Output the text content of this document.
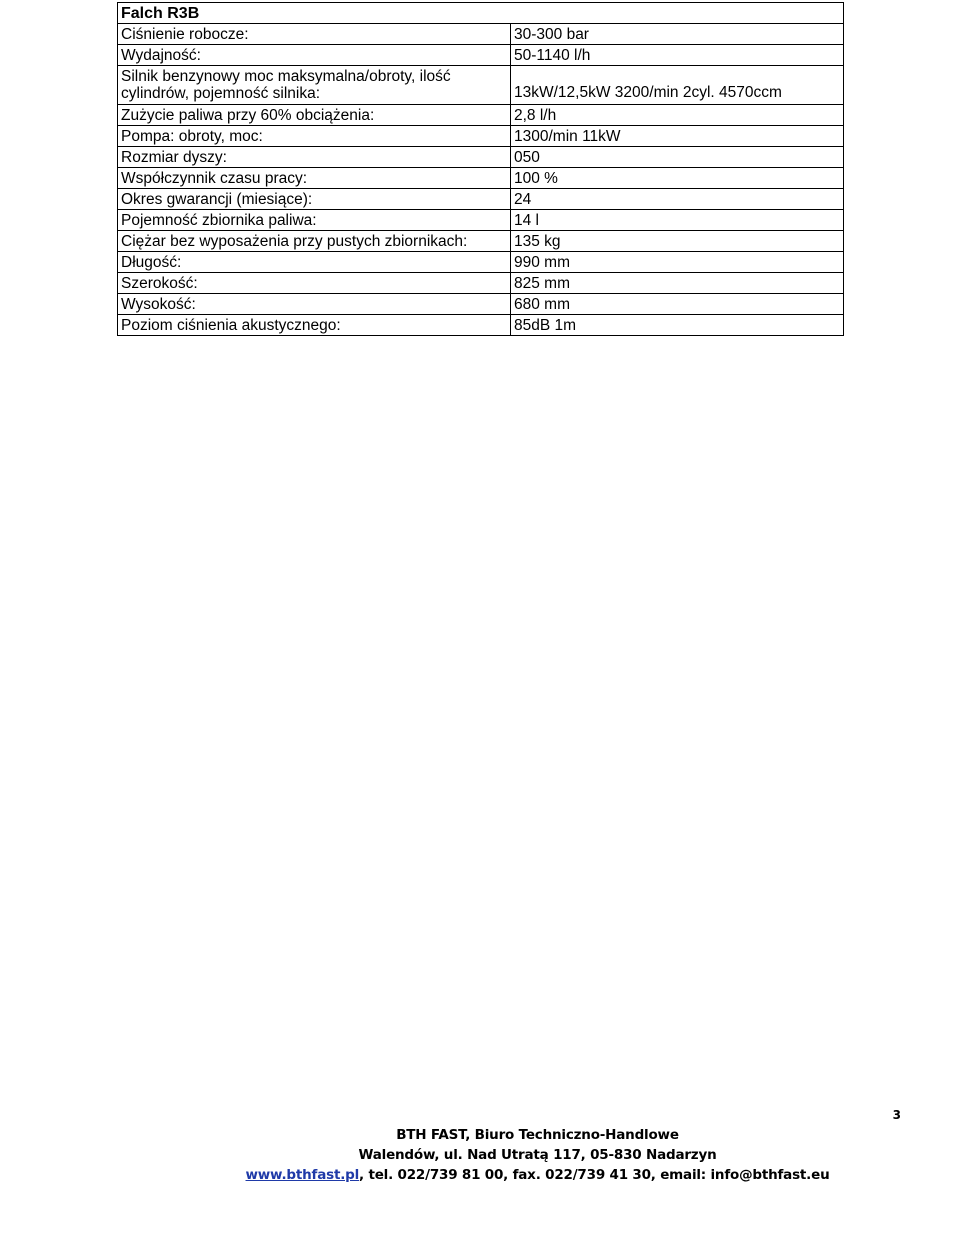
Falch R3B	
Ciśnienie robocze:	30-300 bar
Wydajność:	50-1140 l/h
Silnik benzynowy moc maksymalna/obroty, ilość cylindrów, pojemność silnika:	13kW/12,5kW 3200/min 2cyl. 4570ccm
Zużycie paliwa przy 60% obciążenia:	2,8 l/h
Pompa: obroty, moc:	1300/min 11kW
Rozmiar dyszy:	050
Współczynnik czasu pracy:	100 %
Okres gwarancji (miesiące):	24
Pojemność zbiornika paliwa:	14 l
Ciężar bez wyposażenia przy pustych zbiornikach:	135 kg
Długość:	990 mm
Szerokość:	825 mm
Wysokość:	680 mm
Poziom ciśnienia akustycznego:	85dB 1m
3
BTH FAST, Biuro Techniczno-Handlowe
Walendów, ul. Nad Utratą 117, 05-830 Nadarzyn
www.bthfast.pl, tel. 022/739 81 00, fax. 022/739 41 30, email: info@bthfast.eu
